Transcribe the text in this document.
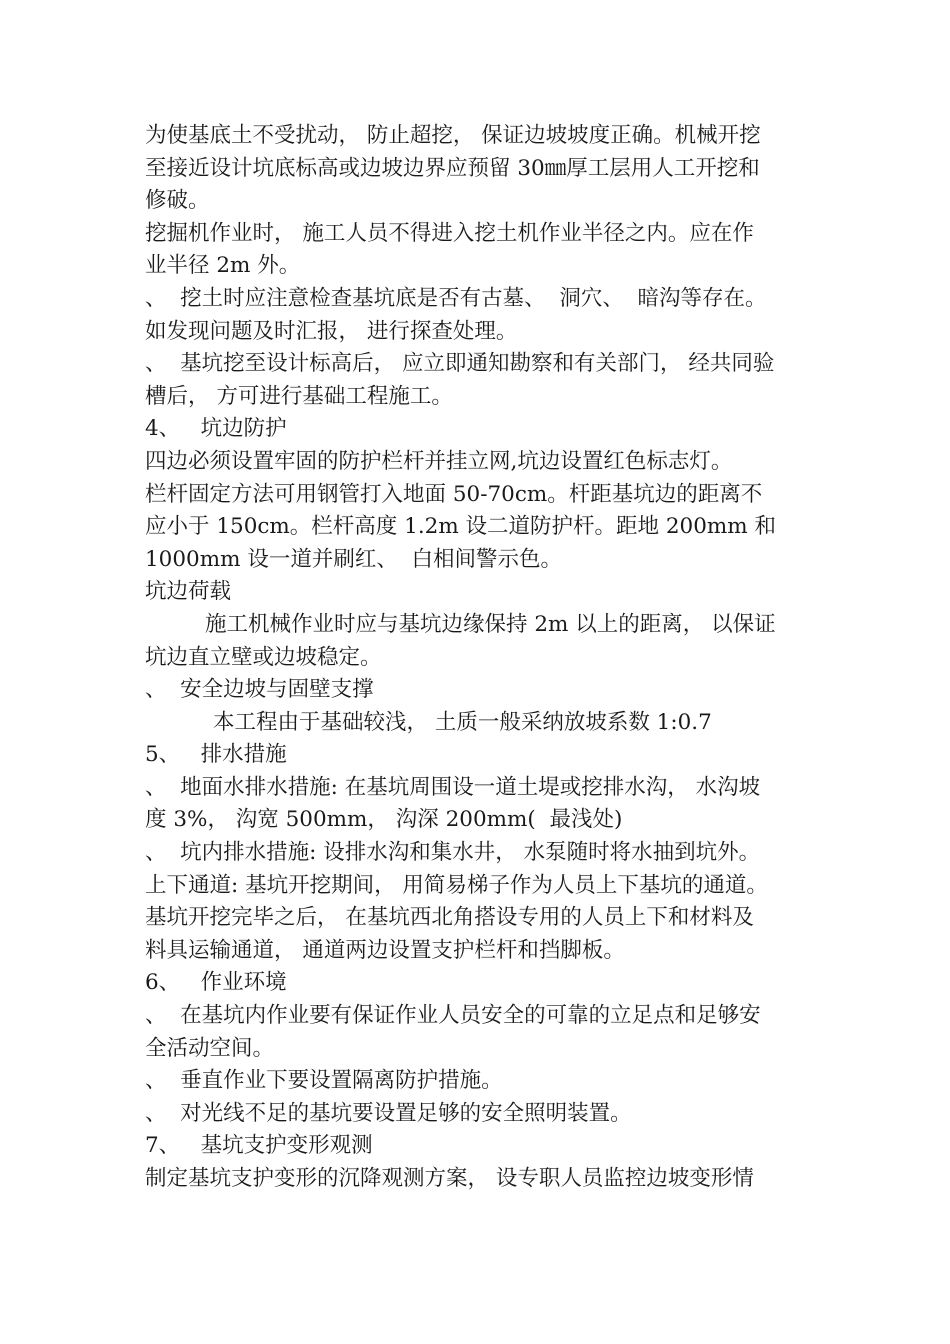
为使基底土不受扰动， 防止超挖， 保证边坡坡度正确。机械开挖
至接近设计坑底标高或边坡边界应预留 30㎜厚工层用人工开挖和
修破。
挖掘机作业时， 施工人员不得进入挖土机作业半径之内。应在作
业半径 2m 外。
、  挖土时应注意检查基坑底是否有古墓、  洞穴、  暗沟等存在。
如发现问题及时汇报， 进行探查处理。
、  基坑挖至设计标高后， 应立即通知勘察和有关部门， 经共同验
槽后， 方可进行基础工程施工。
4、   坑边防护
四边必须设置牢固的防护栏杆并挂立网,坑边设置红色标志灯。
栏杆固定方法可用钢管打入地面 50-70cm。杆距基坑边的距离不
应小于 150cm。栏杆高度 1.2m 设二道防护杆。距地 200mm 和
1000mm 设一道并刷红、  白相间警示色。
坑边荷载
施工机械作业时应与基坑边缘保持 2m 以上的距离， 以保证
坑边直立壁或边坡稳定。
、  安全边坡与固壁支撑
本工程由于基础较浅， 土质一般采纳放坡系数 1:0.7
5、   排水措施
、  地面水排水措施: 在基坑周围设一道土堤或挖排水沟， 水沟坡
度 3%， 沟宽 500mm， 沟深 200mm(  最浅处)
、  坑内排水措施: 设排水沟和集水井， 水泵随时将水抽到坑外。
上下通道: 基坑开挖期间， 用简易梯子作为人员上下基坑的通道。
基坑开挖完毕之后， 在基坑西北角搭设专用的人员上下和材料及
料具运输通道， 通道两边设置支护栏杆和挡脚板。
6、   作业环境
、  在基坑内作业要有保证作业人员安全的可靠的立足点和足够安
全活动空间。
、  垂直作业下要设置隔离防护措施。
、  对光线不足的基坑要设置足够的安全照明装置。
7、   基坑支护变形观测
制定基坑支护变形的沉降观测方案， 设专职人员监控边坡变形情
